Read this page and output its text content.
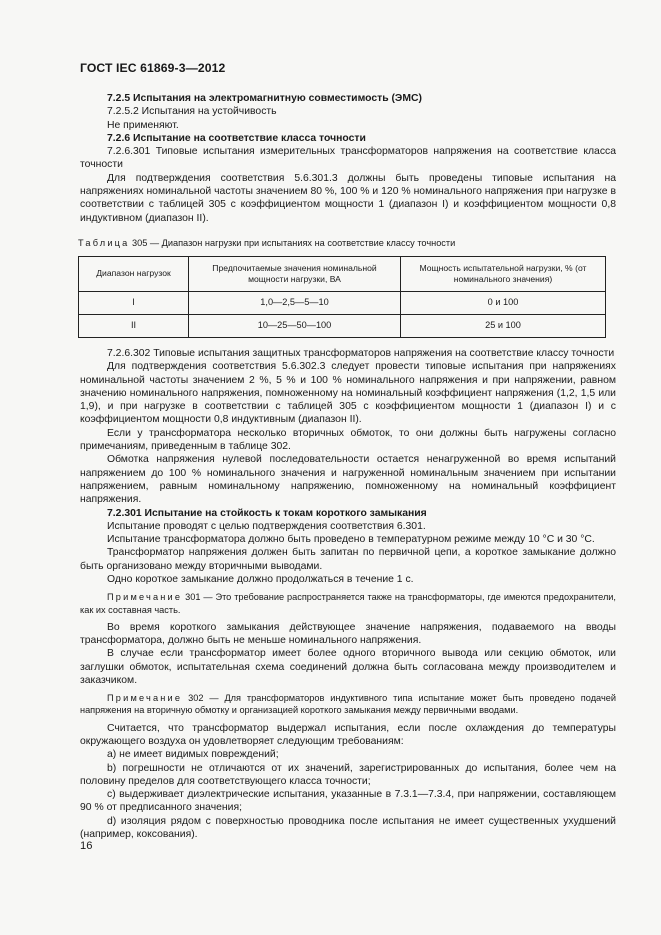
ГОСТ IEC 61869-3—2012

7.2.5 Испытания на электромагнитную совместимость (ЭМС)

7.2.5.2 Испытания на устойчивость

Не применяют.

7.2.6 Испытание на соответствие класса точности

7.2.6.301 Типовые испытания измерительных трансформаторов напряжения на соответствие класса точности

Для подтверждения соответствия 5.6.301.3 должны быть проведены типовые испытания на напряжениях номинальной частоты значением 80 %, 100 % и 120 % номинального напряжения при нагрузке в соответствии с таблицей 305 с коэффициентом мощности 1 (диапазон I) и коэффициентом мощности 0,8 индуктивном (диапазон II).

Таблица 305 — Диапазон нагрузки при испытаниях на соответствие классу точности
Диапазон нагрузок	Предпочитаемые значения номинальной мощности нагрузки, ВА	Мощность испытательной нагрузки, % (от номинального значения)
I	1,0—2,5—5—10	0 и 100
II	10—25—50—100	25 и 100

7.2.6.302 Типовые испытания защитных трансформаторов напряжения на соответствие классу точности

Для подтверждения соответствия 5.6.302.3 следует провести типовые испытания при напряжениях номинальной частоты значением 2 %, 5 % и 100 % номинального напряжения и при напряжении, равном значению номинального напряжения, помноженному на номинальный коэффициент напряжения (1,2, 1,5 или 1,9), и при нагрузке в соответствии с таблицей 305 с коэффициентом мощности 1 (диапазон I) и с коэффициентом мощности 0,8 индуктивным (диапазон II).

Если у трансформатора несколько вторичных обмоток, то они должны быть нагружены согласно примечаниям, приведенным в таблице 302.

Обмотка напряжения нулевой последовательности остается ненагруженной во время испытаний напряжением до 100 % номинального значения и нагруженной номинальным значением при испытании напряжением, равным номинальному напряжению, помноженному на номинальный коэффициент напряжения.

7.2.301 Испытание на стойкость к токам короткого замыкания

Испытание проводят с целью подтверждения соответствия 6.301.

Испытание трансформатора должно быть проведено в температурном режиме между 10 °С и 30 °С.

Трансформатор напряжения должен быть запитан по первичной цепи, а короткое замыкание должно быть организовано между вторичными выводами.

Одно короткое замыкание должно продолжаться в течение 1 с.

Примечание 301 — Это требование распространяется также на трансформаторы, где имеются предохранители, как их составная часть.

Во время короткого замыкания действующее значение напряжения, подаваемого на вводы трансформатора, должно быть не меньше номинального напряжения.

В случае если трансформатор имеет более одного вторичного вывода или секцию обмоток, или заглушки обмоток, испытательная схема соединений должна быть согласована между производителем и заказчиком.

Примечание 302 — Для трансформаторов индуктивного типа испытание может быть проведено подачей напряжения на вторичную обмотку и организацией короткого замыкания между первичными вводами.

Считается, что трансформатор выдержал испытания, если после охлаждения до температуры окружающего воздуха он удовлетворяет следующим требованиям:

a) не имеет видимых повреждений;

b) погрешности не отличаются от их значений, зарегистрированных до испытания, более чем на половину пределов для соответствующего класса точности;

c) выдерживает диэлектрические испытания, указанные в 7.3.1—7.3.4, при напряжении, составляющем 90 % от предписанного значения;

d) изоляция рядом с поверхностью проводника после испытания не имеет существенных ухудшений (например, коксования).

16
